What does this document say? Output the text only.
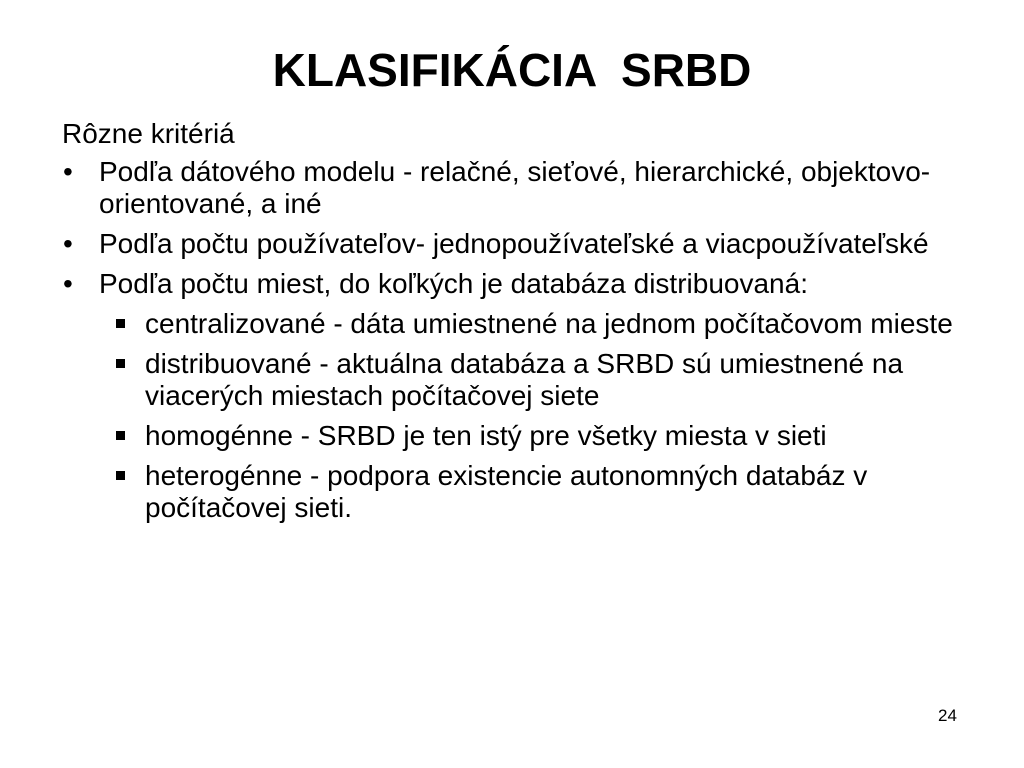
KLASIFIKÁCIA  SRBD
Rôzne kritériá
• Podľa dátového modelu - relačné, sieťové, hierarchické, objektovo-orientované, a iné
• Podľa počtu používateľov- jednopoužívateľské a viacpoužívateľské
• Podľa počtu miest, do koľkých je databáza distribuovaná:
centralizované - dáta umiestnené na jednom počítačovom mieste
distribuované - aktuálna databáza a SRBD sú umiestnené na viacerých miestach počítačovej siete
homogénne - SRBD je ten istý pre všetky miesta v sieti
heterogénne - podpora existencie autonomných databáz v počítačovej sieti.
24
